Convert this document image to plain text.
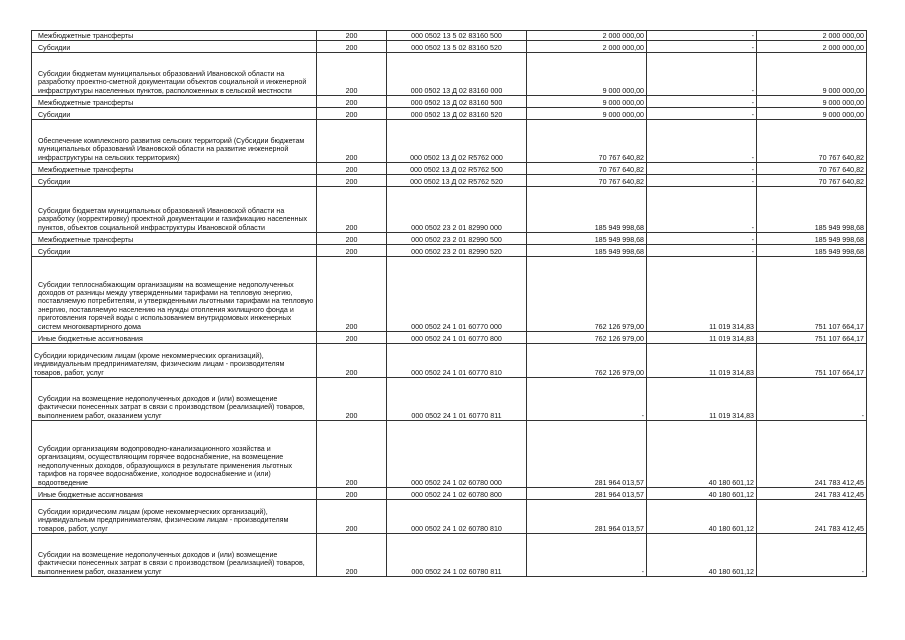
Межбюджетные трансферты	200	000 0502 13 5 02 83160 500	2 000 000,00	-	2 000 000,00
Субсидии	200	000 0502 13 5 02 83160 520	2 000 000,00	-	2 000 000,00
Субсидии бюджетам муниципальных образований Ивановской области на разработку проектно-сметной документации объектов социальной и инженерной инфраструктуры населенных пунктов, расположенных в сельской местности	200	000 0502 13 Д 02 83160 000	9 000 000,00	-	9 000 000,00
Межбюджетные трансферты	200	000 0502 13 Д 02 83160 500	9 000 000,00	-	9 000 000,00
Субсидии	200	000 0502 13 Д 02 83160 520	9 000 000,00	-	9 000 000,00
Обеспечение комплексного развития сельских территорий (Субсидии бюджетам муниципальных образований Ивановской области на развитие инженерной инфраструктуры на сельских территориях)	200	000 0502 13 Д 02 R5762 000	70 767 640,82	-	70 767 640,82
Межбюджетные трансферты	200	000 0502 13 Д 02 R5762 500	70 767 640,82	-	70 767 640,82
Субсидии	200	000 0502 13 Д 02 R5762 520	70 767 640,82	-	70 767 640,82
Субсидии бюджетам муниципальных образований Ивановской области на разработку (корректировку) проектной документации и газификацию населенных пунктов, объектов социальной инфраструктуры Ивановской области	200	000 0502 23 2 01 82990 000	185 949 998,68	-	185 949 998,68
Межбюджетные трансферты	200	000 0502 23 2 01 82990 500	185 949 998,68	-	185 949 998,68
Субсидии	200	000 0502 23 2 01 82990 520	185 949 998,68	-	185 949 998,68
Субсидии теплоснабжающим организациям на возмещение недополученных доходов от разницы между утвержденными тарифами на тепловую энергию, поставляемую потребителям, и утвержденными льготными тарифами на тепловую энергию, поставляемую населению на нужды отопления жилищного фонда и приготовления горячей воды с использованием внутридомовых инженерных систем многоквартирного дома	200	000 0502 24 1 01 60770 000	762 126 979,00	11 019 314,83	751 107 664,17
Иные бюджетные ассигнования	200	000 0502 24 1 01 60770 800	762 126 979,00	11 019 314,83	751 107 664,17
Субсидии юридическим лицам (кроме некоммерческих организаций), индивидуальным предпринимателям, физическим лицам - производителям товаров, работ, услуг	200	000 0502 24 1 01 60770 810	762 126 979,00	11 019 314,83	751 107 664,17
Субсидии на возмещение недополученных доходов и (или) возмещение фактически понесенных затрат в связи с производством (реализацией) товаров, выполнением работ, оказанием услуг	200	000 0502 24 1 01 60770 811	-	11 019 314,83	-
Субсидии организациям водопроводно-канализационного хозяйства и организациям, осуществляющим горячее водоснабжение, на возмещение недополученных доходов, образующихся в результате применения льготных тарифов на горячее водоснабжение, холодное водоснабжение и (или) водоотведение	200	000 0502 24 1 02 60780 000	281 964 013,57	40 180 601,12	241 783 412,45
Иные бюджетные ассигнования	200	000 0502 24 1 02 60780 800	281 964 013,57	40 180 601,12	241 783 412,45
Субсидии юридическим лицам (кроме некоммерческих организаций), индивидуальным предпринимателям, физическим лицам - производителям товаров, работ, услуг	200	000 0502 24 1 02 60780 810	281 964 013,57	40 180 601,12	241 783 412,45
Субсидии на возмещение недополученных доходов и (или) возмещение фактически понесенных затрат в связи с производством (реализацией) товаров, выполнением работ, оказанием услуг	200	000 0502 24 1 02 60780 811	-	40 180 601,12	-
